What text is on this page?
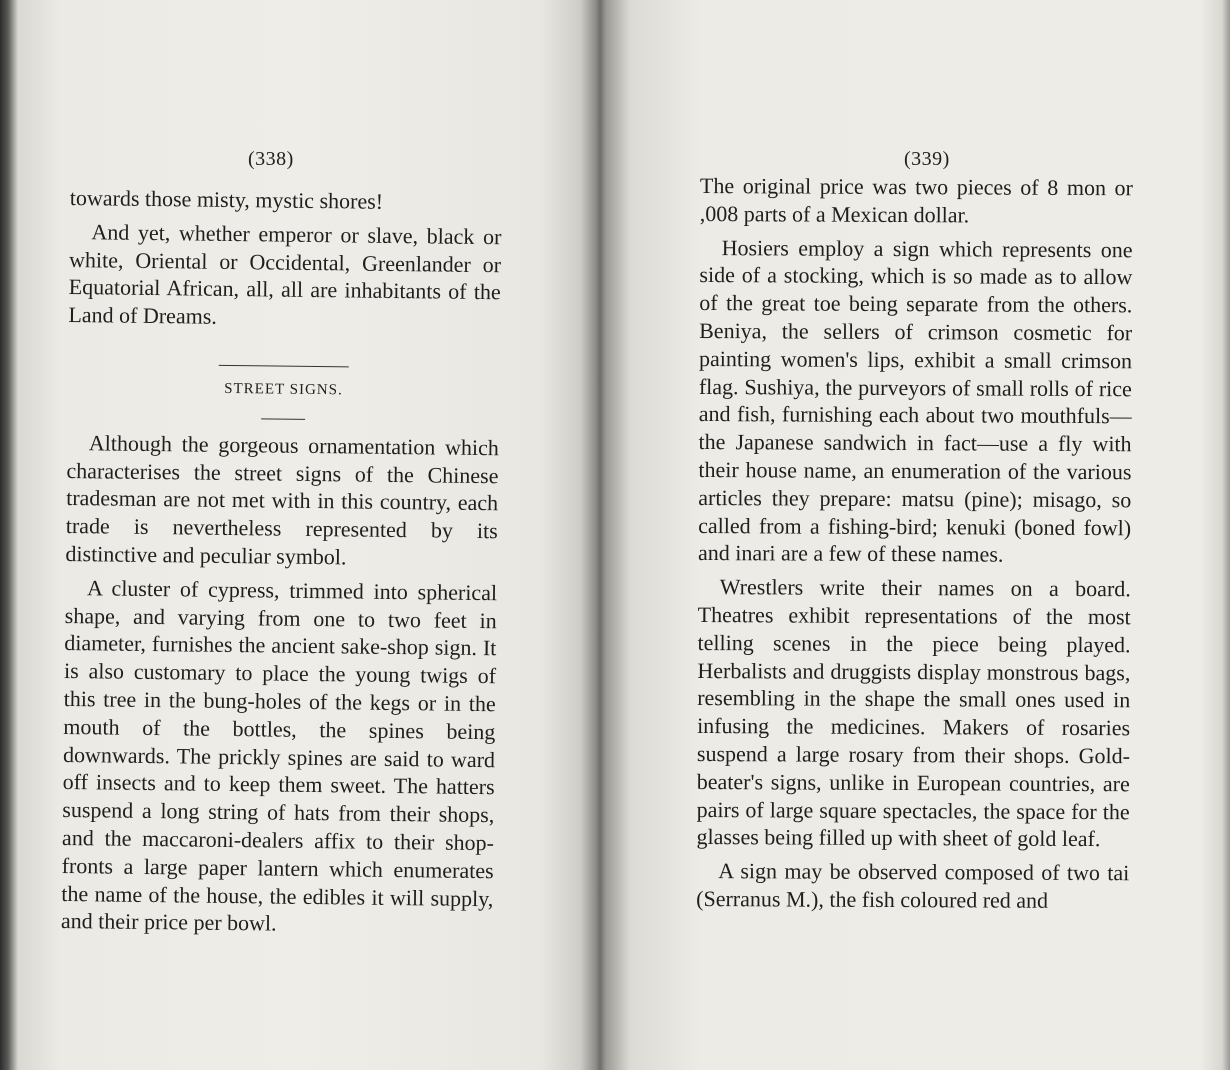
(338)

towards those misty, mystic shores!

And yet, whether emperor or slave, black or white, Oriental or Occidental, Greenlander or Equatorial African, all, all are inhabitants of the Land of Dreams.

STREET SIGNS.

Although the gorgeous ornamentation which characterises the street signs of the Chinese tradesman are not met with in this country, each trade is nevertheless represented by its distinctive and peculiar symbol.

A cluster of cypress, trimmed into spherical shape, and varying from one to two feet in diameter, furnishes the ancient sake-shop sign. It is also customary to place the young twigs of this tree in the bung-holes of the kegs or in the mouth of the bottles, the spines being downwards. The prickly spines are said to ward off insects and to keep them sweet. The hatters suspend a long string of hats from their shops, and the maccaroni-dealers affix to their shop-fronts a large paper lantern which enumerates the name of the house, the edibles it will supply, and their price per bowl.

(339)

The original price was two pieces of 8 mon or ,008 parts of a Mexican dollar.

Hosiers employ a sign which represents one side of a stocking, which is so made as to allow of the great toe being separate from the others. Beniya, the sellers of crimson cosmetic for painting women's lips, exhibit a small crimson flag. Sushiya, the purveyors of small rolls of rice and fish, furnishing each about two mouthfuls—the Japanese sandwich in fact—use a fly with their house name, an enumeration of the various articles they prepare: matsu (pine); misago, so called from a fishing-bird; kenuki (boned fowl) and inari are a few of these names.

Wrestlers write their names on a board. Theatres exhibit representations of the most telling scenes in the piece being played. Herbalists and druggists display monstrous bags, resembling in the shape the small ones used in infusing the medicines. Makers of rosaries suspend a large rosary from their shops. Gold-beater's signs, unlike in European countries, are pairs of large square spectacles, the space for the glasses being filled up with sheet of gold leaf.

A sign may be observed composed of two tai (Serranus M.), the fish coloured red and
